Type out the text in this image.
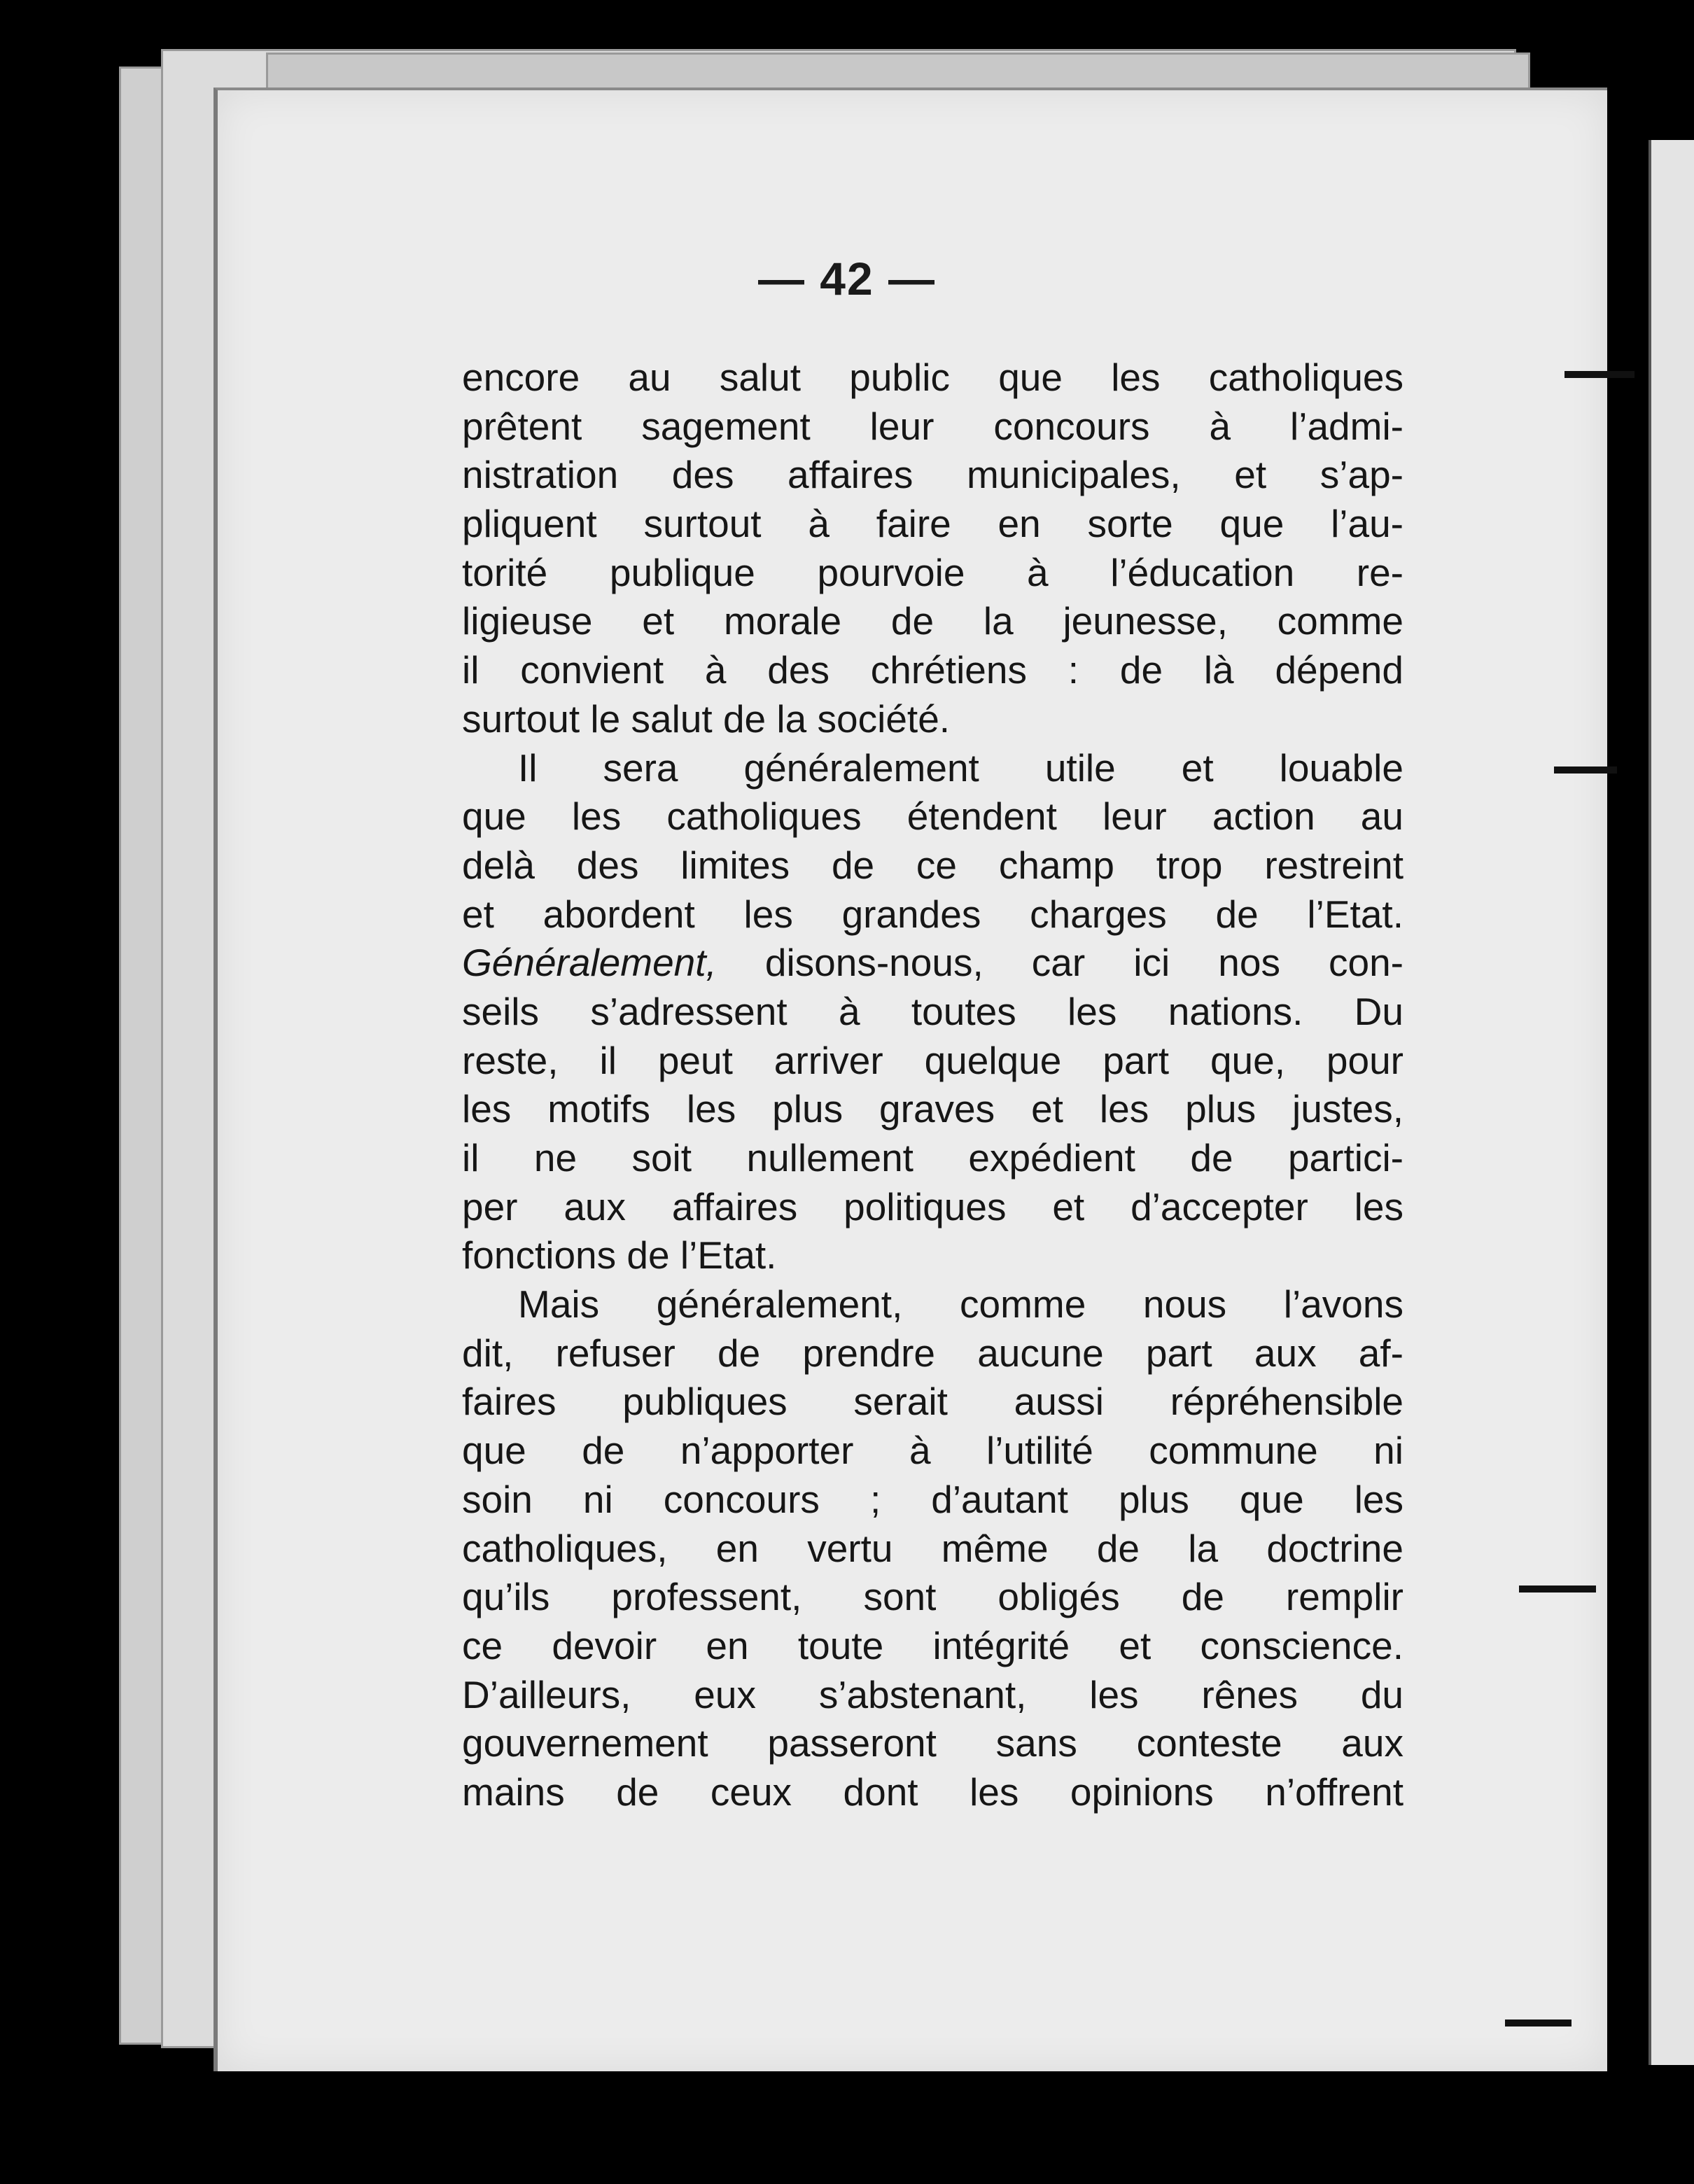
— 42 —
encore au salut public que les catholiques
prêtent sagement leur concours à l’admi-
nistration des affaires municipales, et s’ap-
pliquent surtout à faire en sorte que l’au-
torité publique pourvoie à l’éducation re-
ligieuse et morale de la jeunesse, comme
il convient à des chrétiens : de là dépend
surtout le salut de la société.
Il sera généralement utile et louable
que les catholiques étendent leur action au
delà des limites de ce champ trop restreint
et abordent les grandes charges de l’Etat.
Généralement, disons-nous, car ici nos con-
seils s’adressent à toutes les nations. Du
reste, il peut arriver quelque part que, pour
les motifs les plus graves et les plus justes,
il ne soit nullement expédient de partici-
per aux affaires politiques et d’accepter les
fonctions de l’Etat.
Mais généralement, comme nous l’avons
dit, refuser de prendre aucune part aux af-
faires publiques serait aussi répréhensible
que de n’apporter à l’utilité commune ni
soin ni concours ; d’autant plus que les
catholiques, en vertu même de la doctrine
qu’ils professent, sont obligés de remplir
ce devoir en toute intégrité et conscience.
D’ailleurs, eux s’abstenant, les rênes du
gouvernement passeront sans conteste aux
mains de ceux dont les opinions n’offrent
